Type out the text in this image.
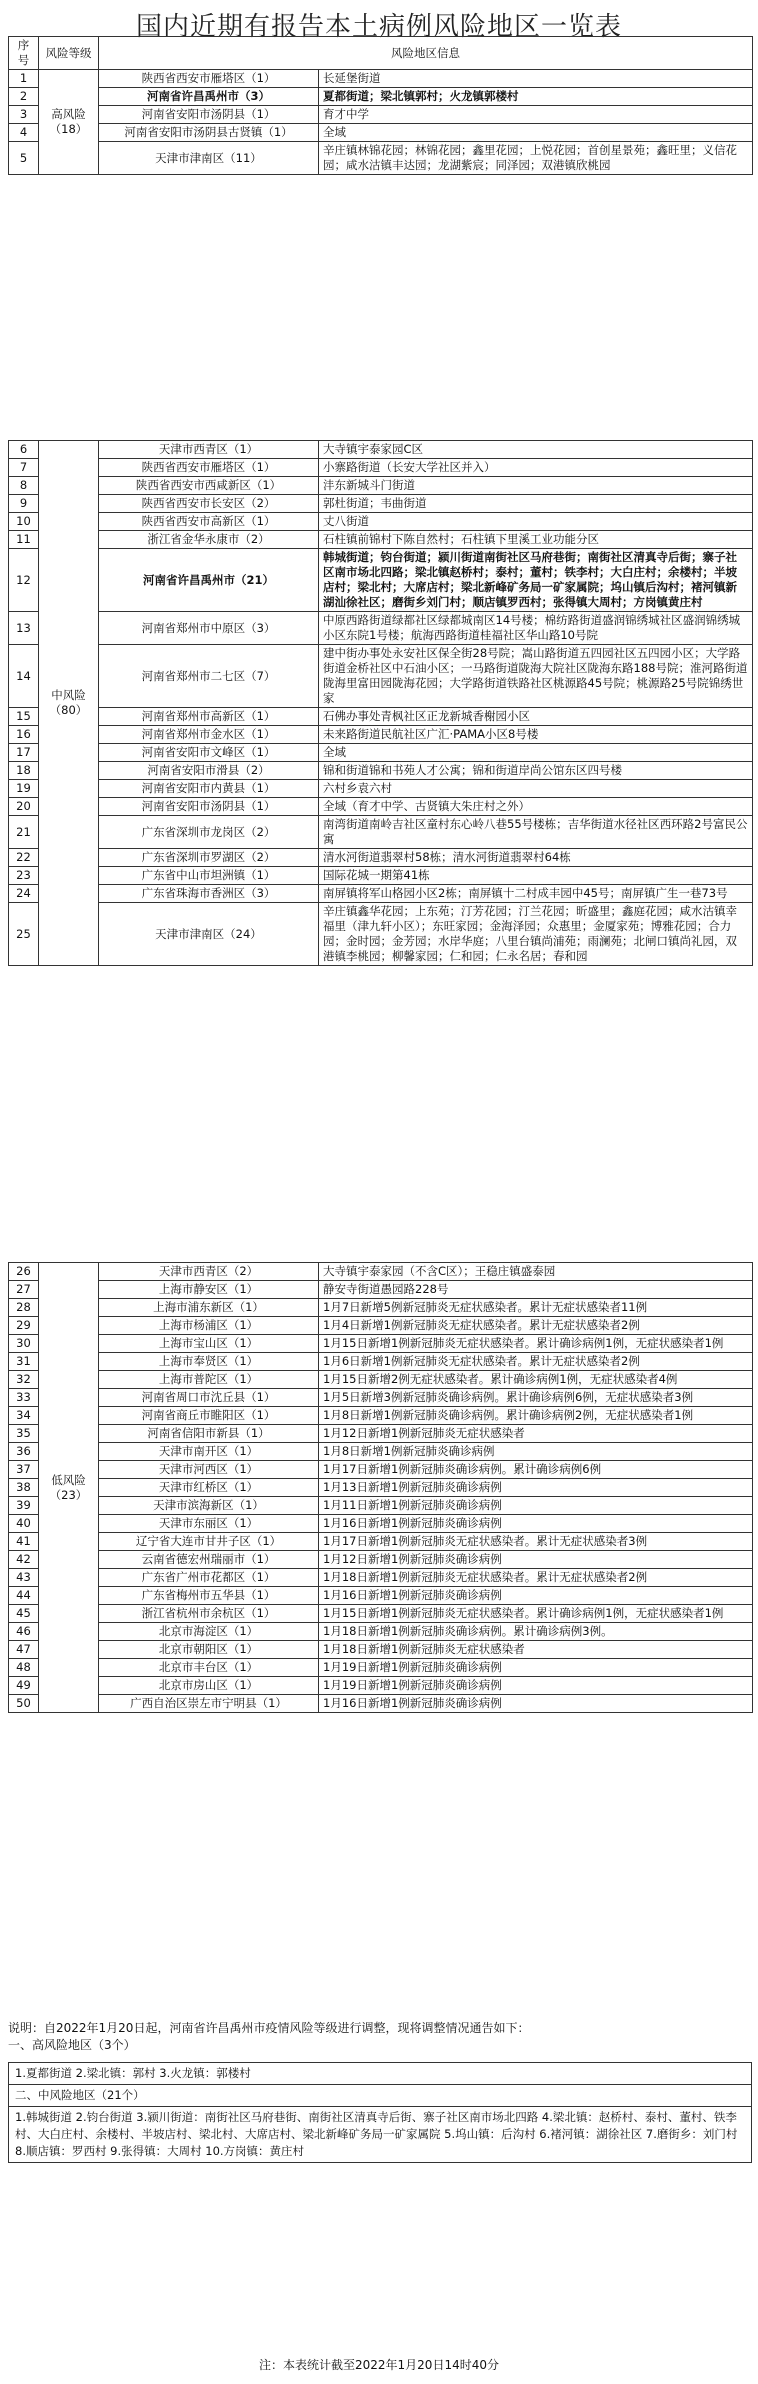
国内近期有报告本土病例风险地区一览表
序号	风险等级	风险地区信息	
1	高风险（18）	陕西省西安市雁塔区（1）	长延堡街道
2		河南省许昌禹州市（3）	夏都街道；梁北镇郭村；火龙镇郭楼村
3		河南省安阳市汤阴县（1）	育才中学
4		河南省安阳市汤阴县古贤镇（1）	全域
5		天津市津南区（11）	辛庄镇林锦花园；林锦花园；鑫里花园；上悦花园；首创星景苑；鑫旺里；义信花园；咸水沽镇丰达园；龙湖紫宸；同泽园；双港镇欣桃园
6	中风险（80）	天津市西青区（1）	大寺镇宇泰家园C区
7		陕西省西安市雁塔区（1）	小寨路街道（长安大学社区并入）
8		陕西省西安市西咸新区（1）	沣东新城斗门街道
9		陕西省西安市长安区（2）	郭杜街道；韦曲街道
10		陕西省西安市高新区（1）	丈八街道
11		浙江省金华永康市（2）	石柱镇前锦村下陈自然村；石柱镇下里溪工业功能分区
12		河南省许昌禹州市（21）	韩城街道；钧台街道；颍川街道南街社区马府巷街；南街社区清真寺后街；寨子社区南市场北四路；梁北镇赵桥村；泰村；董村；铁李村；大白庄村；余楼村；半坡店村；梁北村；大席店村；梁北新峰矿务局一矿家属院；坞山镇后沟村；褚河镇新湖汕徐社区；磨街乡刘门村；顺店镇罗西村；张得镇大周村；方岗镇黄庄村
13		河南省郑州市中原区（3）	中原西路街道绿都社区绿都城南区14号楼；棉纺路街道盛润锦绣城社区盛润锦绣城小区东院1号楼；航海西路街道桂福社区华山路10号院
14		河南省郑州市二七区（7）	建中街办事处永安社区保全街28号院；嵩山路街道五四园社区五四园小区；大学路街道金桥社区中石油小区；一马路街道陇海大院社区陇海东路188号院；淮河路街道陇海里富田园陇海花园；大学路街道铁路社区桃源路45号院；桃源路25号院锦绣世家
15		河南省郑州市高新区（1）	石佛办事处青枫社区正龙新城香榭园小区
16		河南省郑州市金水区（1）	未来路街道民航社区广汇·PAMA小区8号楼
17		河南省安阳市文峰区（1）	全域
18		河南省安阳市滑县（2）	锦和街道锦和书苑人才公寓；锦和街道岸尚公馆东区四号楼
19		河南省安阳市内黄县（1）	六村乡袁六村
20		河南省安阳市汤阴县（1）	全域（育才中学、古贤镇大朱庄村之外）
21		广东省深圳市龙岗区（2）	南湾街道南岭吉社区童村东心岭八巷55号楼栋；吉华街道水径社区西环路2号富民公寓
22		广东省深圳市罗湖区（2）	清水河街道翡翠村58栋；清水河街道翡翠村64栋
23		广东省中山市坦洲镇（1）	国际花城一期第41栋
24		广东省珠海市香洲区（3）	南屏镇将军山格园小区2栋；南屏镇十二村成丰园中45号；南屏镇广生一巷73号
25		天津市津南区（24）	辛庄镇鑫华花园；上东苑；汀芳花园；汀兰花园；昕盛里；鑫庭花园；咸水沽镇幸福里（津九轩小区）；东旺家园；金海泽园；众惠里；金厦家苑；博雅花园；合力园；金时园；金芳园；水岸华庭；八里台镇尚浦苑；雨澜苑；北闸口镇尚礼园，双港镇李桃园；柳馨家园；仁和园；仁永名居；春和园
26	低风险（23）	天津市西青区（2）	大寺镇宇泰家园（不含C区）；王稳庄镇盛泰园
27		上海市静安区（1）	静安寺街道愚园路228号
28		上海市浦东新区（1）	1月7日新增5例新冠肺炎无症状感染者。累计无症状感染者11例
29		上海市杨浦区（1）	1月4日新增1例新冠肺炎无症状感染者。累计无症状感染者2例
30		上海市宝山区（1）	1月15日新增1例新冠肺炎无症状感染者。累计确诊病例1例，无症状感染者1例
31		上海市奉贤区（1）	1月6日新增1例新冠肺炎无症状感染者。累计无症状感染者2例
32		上海市普陀区（1）	1月15日新增2例无症状感染者。累计确诊病例1例，无症状感染者4例
33		河南省周口市沈丘县（1）	1月5日新增3例新冠肺炎确诊病例。累计确诊病例6例，无症状感染者3例
34		河南省商丘市睢阳区（1）	1月8日新增1例新冠肺炎确诊病例。累计确诊病例2例，无症状感染者1例
35		河南省信阳市新县（1）	1月12日新增1例新冠肺炎无症状感染者
36		天津市南开区（1）	1月8日新增1例新冠肺炎确诊病例
37		天津市河西区（1）	1月17日新增1例新冠肺炎确诊病例。累计确诊病例6例
38		天津市红桥区（1）	1月13日新增1例新冠肺炎确诊病例
39		天津市滨海新区（1）	1月11日新增1例新冠肺炎确诊病例
40		天津市东丽区（1）	1月16日新增1例新冠肺炎确诊病例
41		辽宁省大连市甘井子区（1）	1月17日新增1例新冠肺炎无症状感染者。累计无症状感染者3例
42		云南省德宏州瑞丽市（1）	1月12日新增1例新冠肺炎确诊病例
43		广东省广州市花都区（1）	1月18日新增1例新冠肺炎无症状感染者。累计无症状感染者2例
44		广东省梅州市五华县（1）	1月16日新增1例新冠肺炎确诊病例
45		浙江省杭州市余杭区（1）	1月15日新增1例新冠肺炎无症状感染者。累计确诊病例1例，无症状感染者1例
46		北京市海淀区（1）	1月18日新增1例新冠肺炎确诊病例。累计确诊病例3例。
47		北京市朝阳区（1）	1月18日新增1例新冠肺炎无症状感染者
48		北京市丰台区（1）	1月19日新增1例新冠肺炎确诊病例
49		北京市房山区（1）	1月19日新增1例新冠肺炎确诊病例
50		广西自治区崇左市宁明县（1）	1月16日新增1例新冠肺炎确诊病例
说明：自2022年1月20日起，河南省许昌禹州市疫情风险等级进行调整，现将调整情况通告如下：
一、高风险地区（3个）
1.夏都街道 2.梁北镇：郭村 3.火龙镇：郭楼村
二、中风险地区（21个）
1.韩城街道 2.钧台街道 3.颍川街道：南街社区马府巷街、南街社区清真寺后街、寨子社区南市场北四路 4.梁北镇：赵桥村、泰村、董村、铁李村、大白庄村、余楼村、半坡店村、梁北村、大席店村、梁北新峰矿务局一矿家属院 5.坞山镇：后沟村 6.褚河镇：湖徐社区 7.磨街乡：刘门村 8.顺店镇：罗西村 9.张得镇：大周村 10.方岗镇：黄庄村
注：本表统计截至2022年1月20日14时40分
